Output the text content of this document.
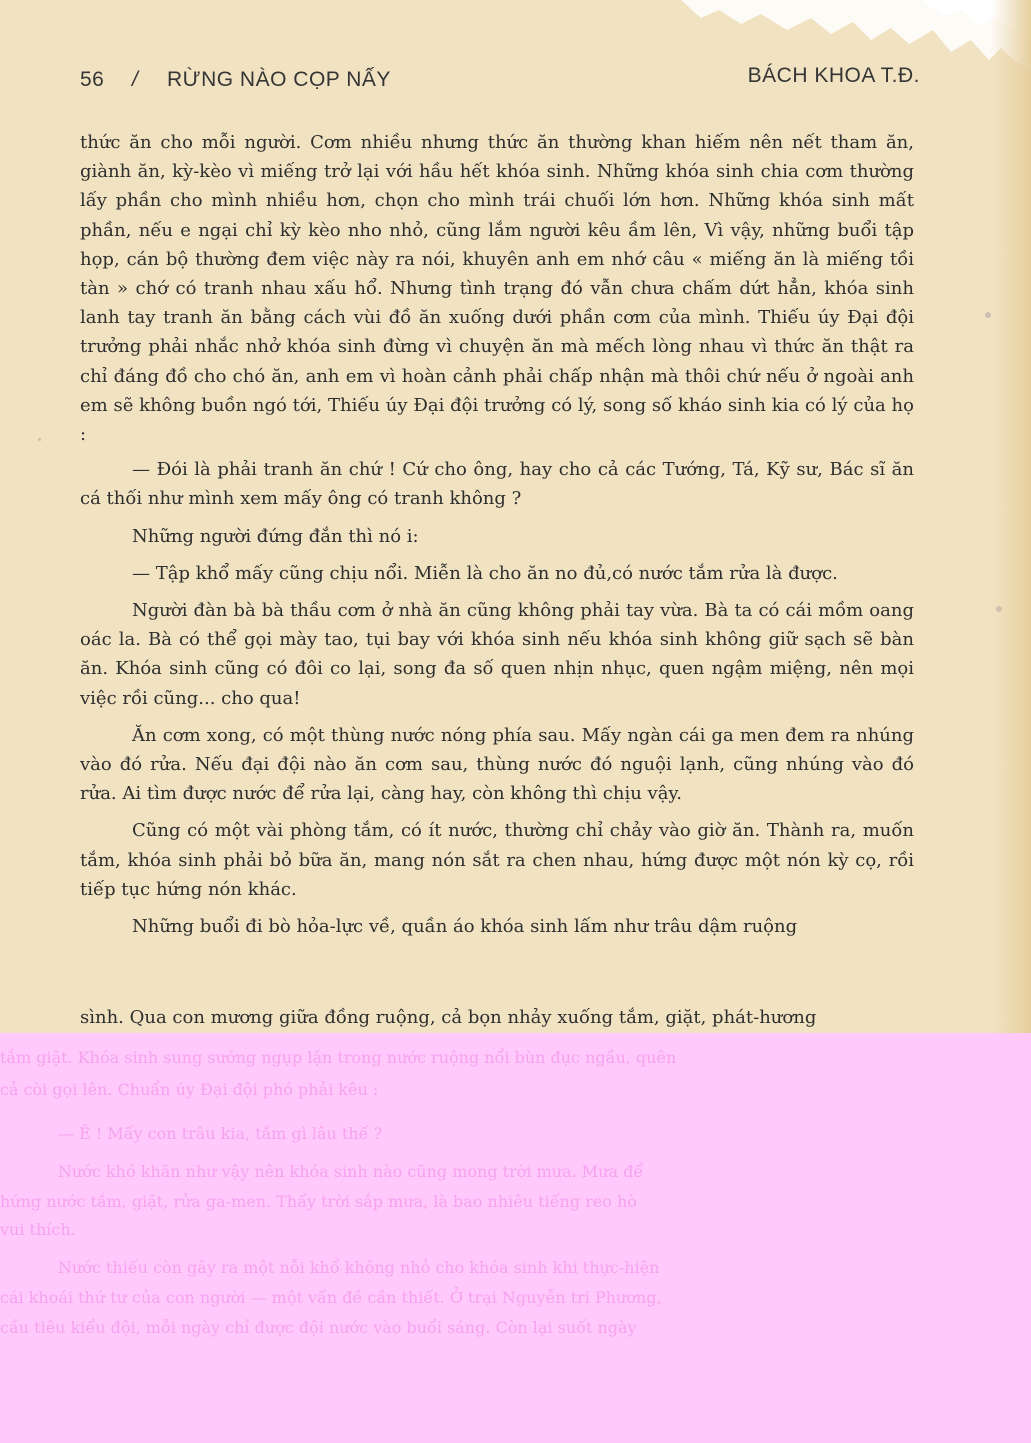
56 / RỪNG NÀO CỌP NẤY	BÁCH KHOA T.Đ.

thức ăn cho mỗi người. Cơm nhiều nhưng thức ăn thường khan hiếm nên nết tham ăn, giành ăn, kỳ-kèo vì miếng trở lại với hầu hết khóa sinh. Những khóa sinh chia cơm thường lấy phần cho mình nhiều hơn, chọn cho mình trái chuối lớn hơn. Những khóa sinh mất phần, nếu e ngại chỉ kỳ kèo nho nhỏ, cũng lắm người kêu ầm lên, Vì vậy, những buổi tập họp, cán bộ thường đem việc này ra nói, khuyên anh em nhớ câu « miếng ăn là miếng tồi tàn » chớ có tranh nhau xấu hổ. Nhưng tình trạng đó vẫn chưa chấm dứt hẳn, khóa sinh lanh tay tranh ăn bằng cách vùi đồ ăn xuống dưới phần cơm của mình. Thiếu úy Đại đội trưởng phải nhắc nhở khóa sinh đừng vì chuyện ăn mà mếch lòng nhau vì thức ăn thật ra chỉ đáng đồ cho chó ăn, anh em vì hoàn cảnh phải chấp nhận mà thôi chứ nếu ở ngoài anh em sẽ không buồn ngó tới, Thiếu úy Đại đội trưởng có lý, song số kháo sinh kia có lý của họ :

— Đói là phải tranh ăn chứ ! Cứ cho ông, hay cho cả các Tướng, Tá, Kỹ sư, Bác sĩ ăn cá thối như mình xem mấy ông có tranh không ?

Những người đứng đắn thì nó i:

— Tập khổ mấy cũng chịu nổi. Miễn là cho ăn no đủ,có nước tắm rửa là được.

Người đàn bà bà thầu cơm ở nhà ăn cũng không phải tay vừa. Bà ta có cái mồm oang oác la. Bà có thể gọi mày tao, tụi bay với khóa sinh nếu khóa sinh không giữ sạch sẽ bàn ăn. Khóa sinh cũng có đôi co lại, song đa số quen nhịn nhục, quen ngậm miệng, nên mọi việc rồi cũng... cho qua!

Ăn cơm xong, có một thùng nước nóng phía sau. Mấy ngàn cái ga men đem ra nhúng vào đó rửa. Nếu đại đội nào ăn cơm sau, thùng nước đó nguội lạnh, cũng nhúng vào đó rửa. Ai tìm được nước để rửa lại, càng hay, còn không thì chịu vậy.

Cũng có một vài phòng tắm, có ít nước, thường chỉ chảy vào giờ ăn. Thành ra, muốn tắm, khóa sinh phải bỏ bữa ăn, mang nón sắt ra chen nhau, hứng được một nón kỳ cọ, rồi tiếp tục hứng nón khác.

Những buổi đi bò hỏa-lực về, quần áo khóa sinh lấm như trâu dậm ruộng

sình. Qua con mương giữa đồng ruộng, cả bọn nhảy xuống tắm, giặt, phát-hương
tắm giặt. Khóa sinh sung sướng ngụp lặn trong nước ruộng nổi bùn đục ngầu, quên
cả còi gọi lên. Chuẩn úy Đại đội phó phải kêu :
— Ê ! Mấy con trâu kia, tắm gì lâu thế ?
Nước khó khăn như vậy nên khóa sinh nào cũng mong trời mưa. Mưa để
hứng nước tắm, giặt, rửa ga-men. Thấy trời sắp mưa, là bao nhiêu tiếng reo hò
vui thích.
Nước thiếu còn gây ra một nỗi khổ không nhỏ cho khóa sinh khi thực-hiện
cái khoái thứ tư của con người — một vấn đề cần thiết. Ở trại Nguyễn tri Phương,
cầu tiêu kiểu đội, mỗi ngày chỉ được đội nước vào buổi sáng. Còn lại suốt ngày
